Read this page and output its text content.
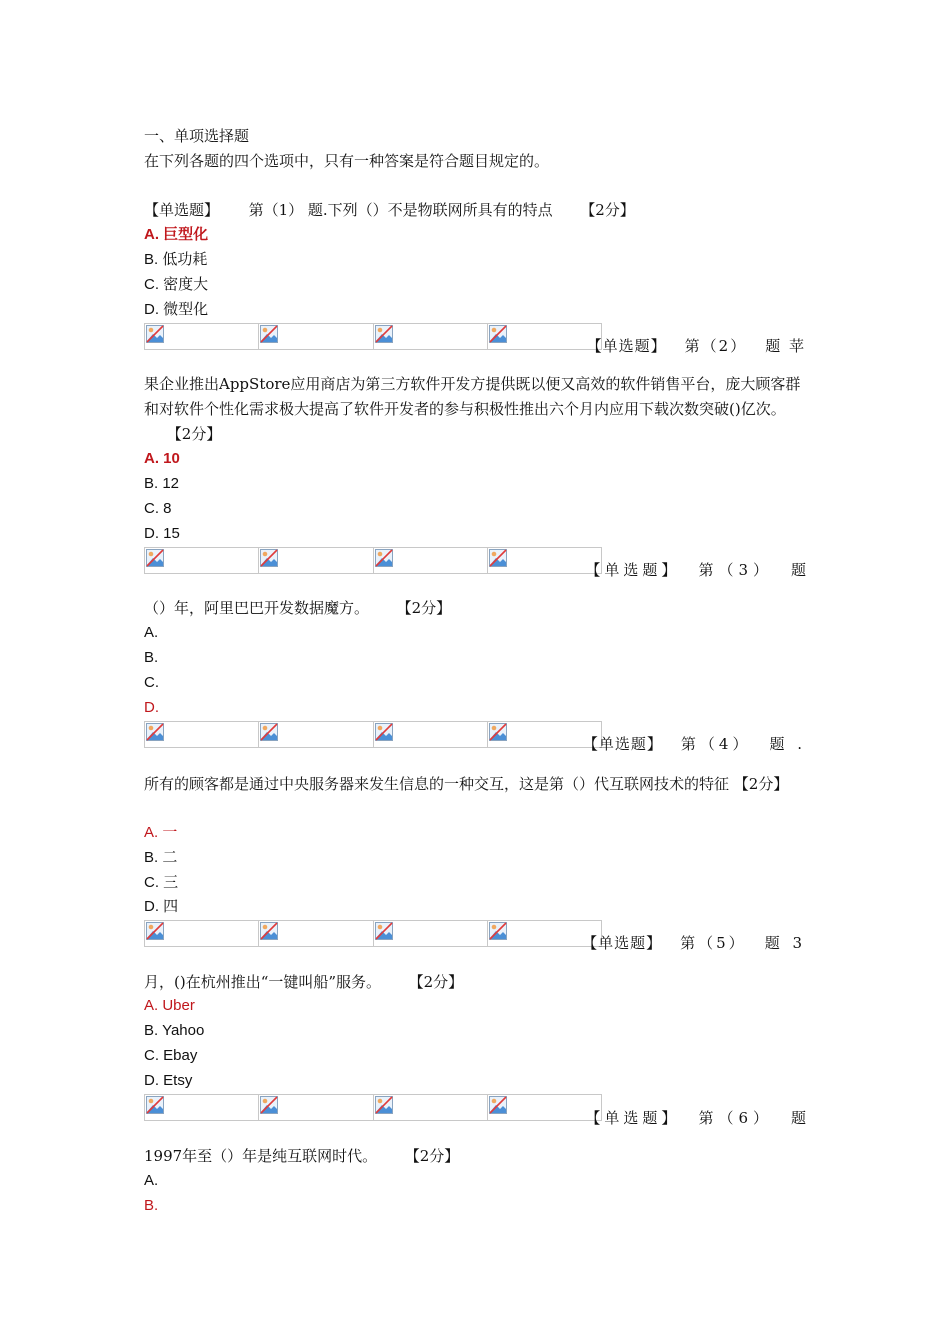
一、单项选择题
在下列各题的四个选项中，只有一种答案是符合题目规定的。
【单选题】 第（1） 题.下列（）不是物联网所具有的特点 【2分】
A. 巨型化
B. 低功耗
C. 密度大
D. 微型化
【单选题】 第（2） 题 苹
果企业推出AppStore应用商店为第三方软件开发方提供既以便又高效的软件销售平台，庞大顾客群和对软件个性化需求极大提高了软件开发者的参与积极性推出六个月内应用下载次数突破()亿次。  【2分】
A. 10
B. 12
C. 8
D. 15
【单选题】 第（3） 题
（）年，阿里巴巴开发数据魔方。 【2分】
A.
B.
C.
D.
【单选题】 第（4） 题 .
所有的顾客都是通过中央服务器来发生信息的一种交互，这是第（）代互联网技术的特征 【2分】
A. 一
B. 二
C. 三
D. 四
【单选题】 第（5） 题 3
月，()在杭州推出“一键叫船”服务。 【2分】
A. Uber
B. Yahoo
C. Ebay
D. Etsy
【单选题】 第（6） 题
1997年至（）年是纯互联网时代。 【2分】
A.
B.
